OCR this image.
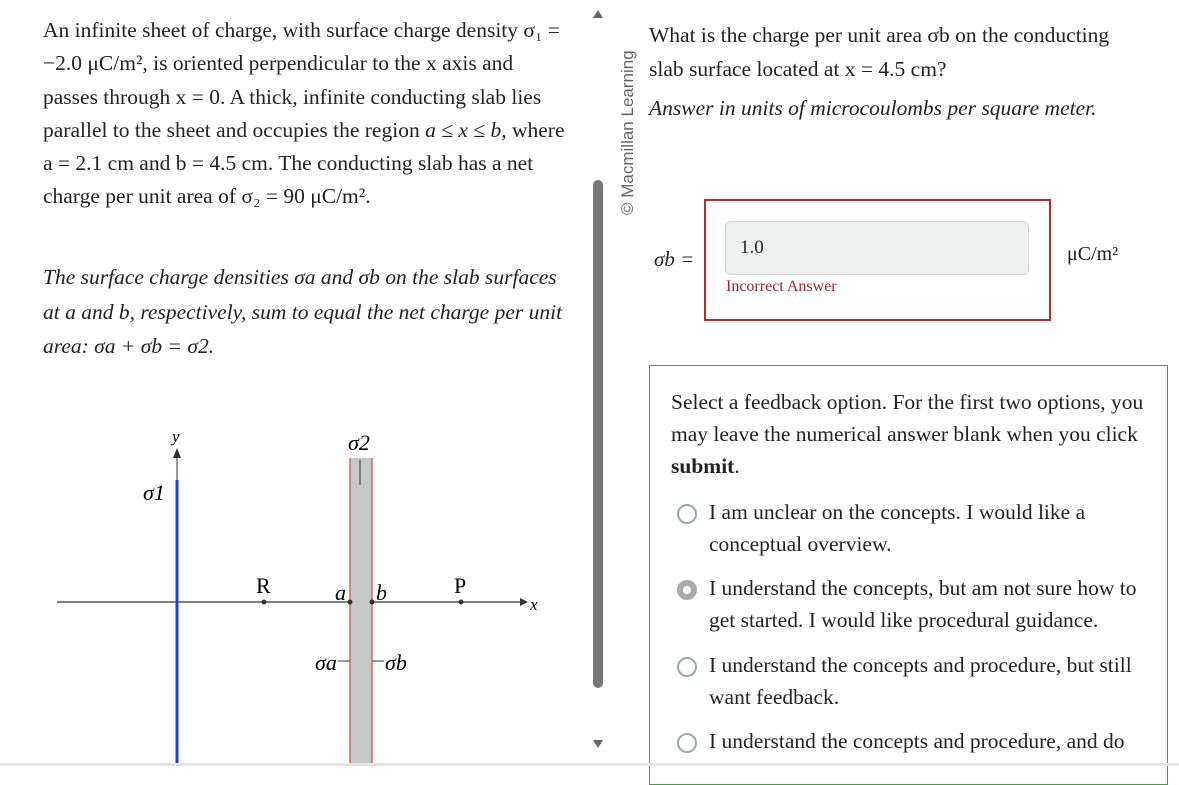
An infinite sheet of charge, with surface charge density σ₁ = −2.0 μC/m², is oriented perpendicular to the x axis and passes through x = 0. A thick, infinite conducting slab lies parallel to the sheet and occupies the region a ≤ x ≤ b, where a = 2.1 cm and b = 4.5 cm. The conducting slab has a net charge per unit area of σ₂ = 90 μC/m².
The surface charge densities σa and σb on the slab surfaces at a and b, respectively, sum to equal the net charge per unit area: σa + σb = σ2.
y
x
σ1
σ2
R	a b	P
σa σb
© Macmillan Learning
What is the charge per unit area σb on the conducting slab surface located at x = 4.5 cm?
Answer in units of microcoulombs per square meter.
σb =
1.0
Incorrect Answer
μC/m²
Select a feedback option. For the first two options, you may leave the numerical answer blank when you click submit.
I am unclear on the concepts. I would like a conceptual overview.
I understand the concepts, but am not sure how to get started. I would like procedural guidance.
I understand the concepts and procedure, but still want feedback.
I understand the concepts and procedure, and do
